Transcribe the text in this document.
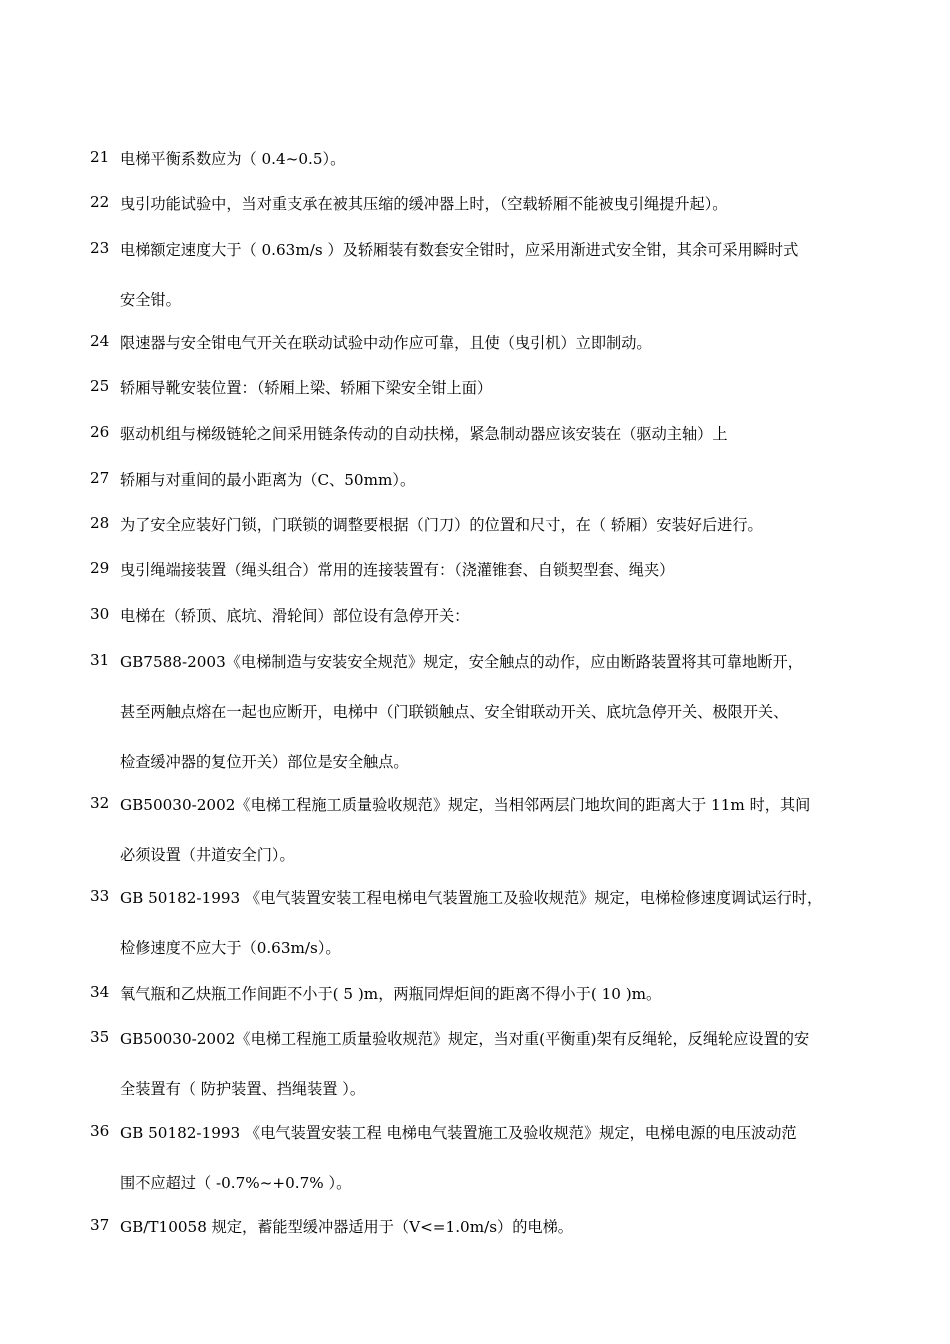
21 电梯平衡系数应为（ 0.4~0.5）。
22 曳引功能试验中，当对重支承在被其压缩的缓冲器上时，（空载轿厢不能被曳引绳提升起）。
23 电梯额定速度大于（ 0.63m/s ）及轿厢装有数套安全钳时，应采用渐进式安全钳，其余可采用瞬时式
安全钳。
24 限速器与安全钳电气开关在联动试验中动作应可靠，且使（曳引机）立即制动。
25 轿厢导靴安装位置：（轿厢上梁、轿厢下梁安全钳上面）
26 驱动机组与梯级链轮之间采用链条传动的自动扶梯，紧急制动器应该安装在（驱动主轴）上
27 轿厢与对重间的最小距离为（C、50mm）。
28 为了安全应装好门锁，门联锁的调整要根据（门刀）的位置和尺寸，在（ 轿厢）安装好后进行。
29 曳引绳端接装置（绳头组合）常用的连接装置有：（浇灌锥套、自锁契型套、绳夹）
30 电梯在（轿顶、底坑、滑轮间）部位设有急停开关：
31 GB7588-2003《电梯制造与安装安全规范》规定，安全触点的动作，应由断路装置将其可靠地断开，
甚至两触点熔在一起也应断开，电梯中（门联锁触点、安全钳联动开关、底坑急停开关、极限开关、
检查缓冲器的复位开关）部位是安全触点。
32 GB50030-2002《电梯工程施工质量验收规范》规定，当相邻两层门地坎间的距离大于 11m 时，其间
必须设置（井道安全门）。
33 GB 50182-1993 《电气装置安装工程电梯电气装置施工及验收规范》规定，电梯检修速度调试运行时，
检修速度不应大于（0.63m/s）。
34 氧气瓶和乙炔瓶工作间距不小于( 5 )m，两瓶同焊炬间的距离不得小于( 10 )m。
35 GB50030-2002《电梯工程施工质量验收规范》规定，当对重(平衡重)架有反绳轮，反绳轮应设置的安
全装置有（ 防护装置、挡绳装置 ）。
36 GB 50182-1993 《电气装置安装工程 电梯电气装置施工及验收规范》规定，电梯电源的电压波动范
围不应超过（ -0.7%~+0.7% ）。
37 GB/T10058 规定，蓄能型缓冲器适用于（V<=1.0m/s）的电梯。
